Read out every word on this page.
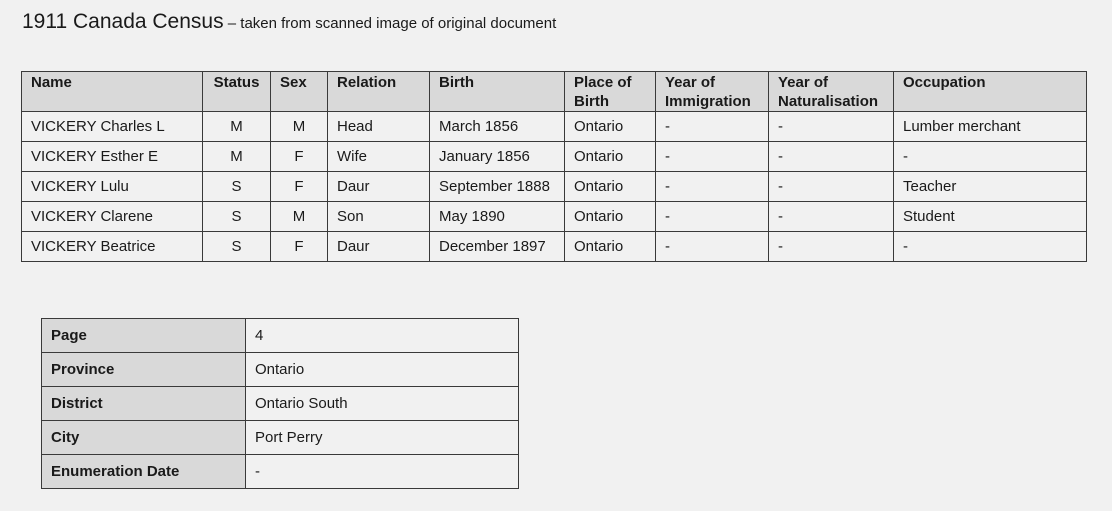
1911 Canada Census – taken from scanned image of original document
Name	Status	Sex	Relation	Birth	Place of Birth	Year of Immigration	Year of Naturalisation	Occupation
VICKERY Charles L	M	M	Head	March 1856	Ontario	-	-	Lumber merchant
VICKERY Esther E	M	F	Wife	January 1856	Ontario	-	-	-
VICKERY Lulu	S	F	Daur	September 1888	Ontario	-	-	Teacher
VICKERY Clarene	S	M	Son	May 1890	Ontario	-	-	Student
VICKERY Beatrice	S	F	Daur	December 1897	Ontario	-	-	-
Page	4
Province	Ontario
District	Ontario South
City	Port Perry
Enumeration Date	-
